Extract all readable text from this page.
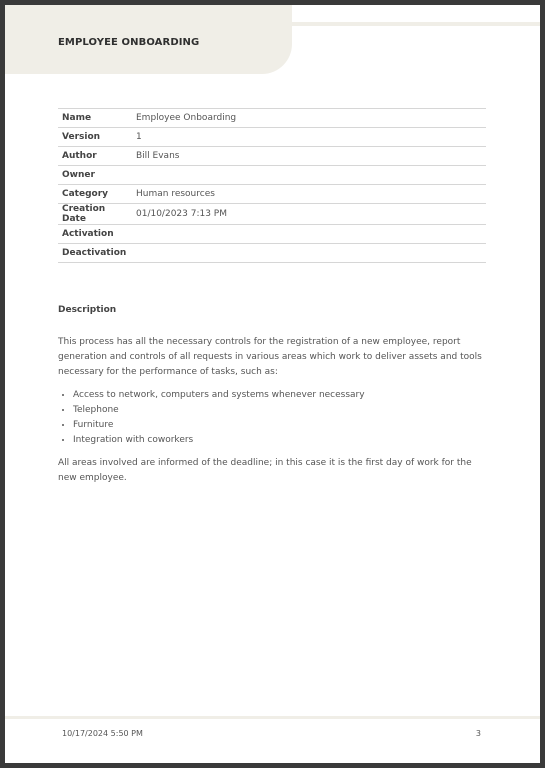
EMPLOYEE ONBOARDING
Name	Employee Onboarding
Version	1
Author	Bill Evans
Owner	
Category	Human resources
Creation Date	01/10/2023 7:13 PM
Activation	
Deactivation	
Description

This process has all the necessary controls for the registration of a new employee, report generation and controls of all requests in various areas which work to deliver assets and tools necessary for the performance of tasks, such as:

• Access to network, computers and systems whenever necessary
• Telephone
• Furniture
• Integration with coworkers

All areas involved are informed of the deadline; in this case it is the first day of work for the new employee.

10/17/2024 5:50 PM	3
